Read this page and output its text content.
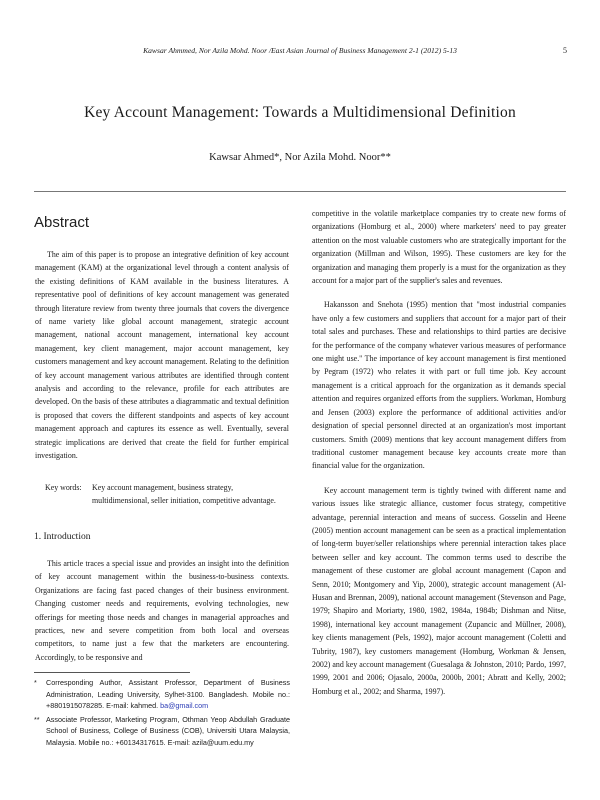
Kawsar Ahmmed, Nor Azila Mohd. Noor /East Asian Journal of Business Management 2-1 (2012) 5-13	5
Key Account Management: Towards a Multidimensional Definition
Kawsar Ahmed*, Nor Azila Mohd. Noor**
Abstract

The aim of this paper is to propose an integrative definition of key account management (KAM) at the organizational level through a content analysis of the existing definitions of KAM available in the business literatures. A representative pool of definitions of key account management was generated through literature review from twenty three journals that covers the divergence of name variety like global account management, strategic account management, national account management, international key account management, key client management, major account management, key customers management and key account management. Relating to the definition of key account management various attributes are identified through content analysis and according to the relevance, profile for each attributes are developed. On the basis of these attributes a diagrammatic and textual definition is proposed that covers the different standpoints and aspects of key account management approach and captures its essence as well. Eventually, several strategic implications are derived that create the field for further empirical investigation.

Key words: Key account management, business strategy, multidimensional, seller initiation, competitive advantage.
1. Introduction

This article traces a special issue and provides an insight into the definition of key account management within the business-to-business contexts. Organizations are facing fast paced changes of their business environment. Changing customer needs and requirements, evolving technologies, new offerings for meeting those needs and changes in managerial approaches and practices, new and severe competition from both local and overseas competitors, to name just a few that the marketers are encountering. Accordingly, to be responsive and

* Corresponding Author, Assistant Professor, Department of Business Administration, Leading University, Sylhet-3100. Bangladesh. Mobile no.: +8801915078285. E-mail: kahmed. ba@gmail.com
** Associate Professor, Marketing Program, Othman Yeop Abdullah Graduate School of Business, College of Business (COB), Universiti Utara Malaysia, Malaysia. Mobile no.: +60134317615. E-mail: azila@uum.edu.my

competitive in the volatile marketplace companies try to create new forms of organizations (Homburg et al., 2000) where marketers' need to pay greater attention on the most valuable customers who are strategically important for the organization (Millman and Wilson, 1995). These customers are key for the organization and managing them properly is a must for the organization as they account for a major part of the supplier's sales and revenues.

Hakansson and Snehota (1995) mention that "most industrial companies have only a few customers and suppliers that account for a major part of their total sales and purchases. These and relationships to third parties are decisive for the performance of the company whatever various measures of performance one might use." The importance of key account management is first mentioned by Pegram (1972) who relates it with part or full time job. Key account management is a critical approach for the organization as it demands special attention and requires organized efforts from the suppliers. Workman, Homburg and Jensen (2003) explore the performance of additional activities and/or designation of special personnel directed at an organization's most important customers. Smith (2009) mentions that key account management differs from traditional customer management because key accounts create more than financial value for the organization.

Key account management term is tightly twined with different name and various issues like strategic alliance, customer focus strategy, competitive advantage, perennial interaction and means of success. Gosselin and Heene (2005) mention account management can be seen as a practical implementation of long-term buyer/seller relationships where perennial interaction takes place between seller and key account. The common terms used to describe the management of these customer are global account management (Capon and Senn, 2010; Montgomery and Yip, 2000), strategic account management (Al-Husan and Brennan, 2009), national account management (Stevenson and Page, 1979; Shapiro and Moriarty, 1980, 1982, 1984a, 1984b; Dishman and Nitse, 1998), international key account management (Zupancic and Müllner, 2008), key clients management (Pels, 1992), major account management (Coletti and Tubrity, 1987), key customers management (Homburg, Workman & Jensen, 2002) and key account management (Guesalaga & Johnston, 2010; Pardo, 1997, 1999, 2001 and 2006; Ojasalo, 2000a, 2000b, 2001; Abratt and Kelly, 2002; Homburg et al., 2002; and Sharma, 1997).
